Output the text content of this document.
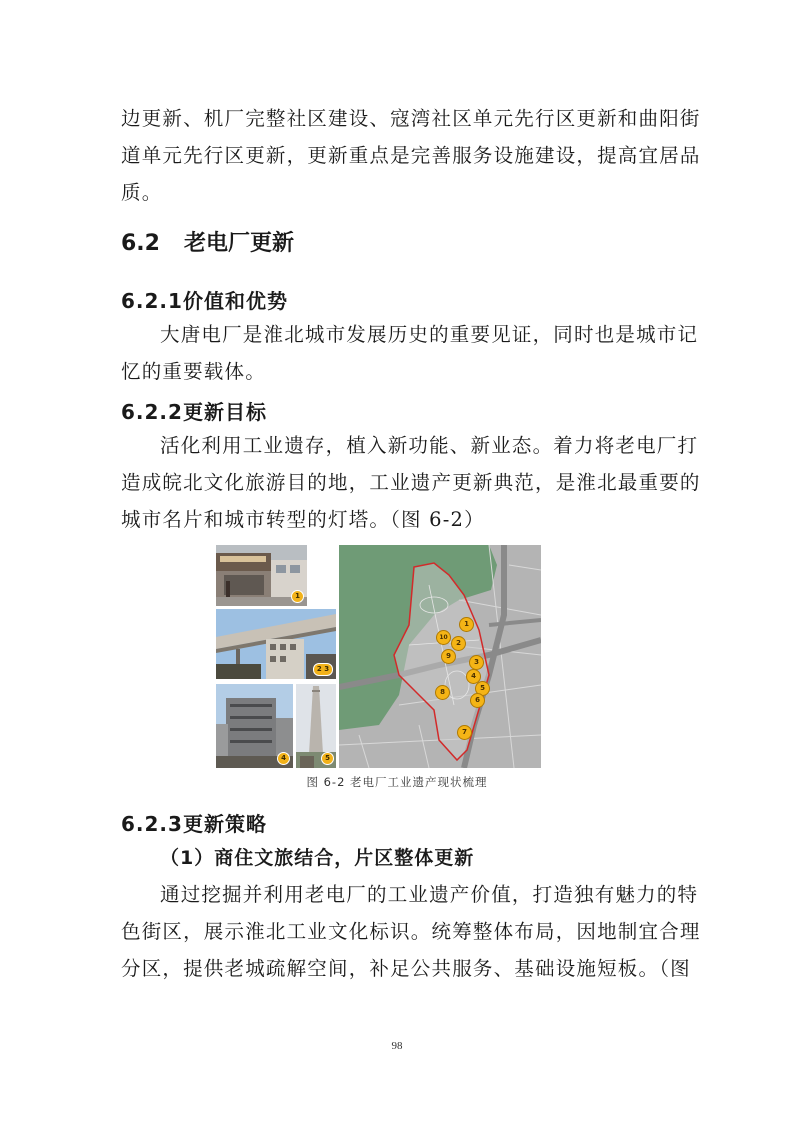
边更新、机厂完整社区建设、寇湾社区单元先行区更新和曲阳街
道单元先行区更新，更新重点是完善服务设施建设，提高宜居品
质。

6.2 老电厂更新
6.2.1价值和优势

大唐电厂是淮北城市发展历史的重要见证，同时也是城市记
忆的重要载体。

6.2.2更新目标

活化利用工业遗存，植入新功能、新业态。着力将老电厂打
造成皖北文化旅游目的地，工业遗产更新典范，是淮北最重要的
城市名片和城市转型的灯塔。（图 6-2）

1
2 3
4	5
1
2
3
4
5
6
7
8
9
10
图 6-2 老电厂工业遗产现状梳理
6.2.3更新策略
（1）商住文旅结合，片区整体更新

通过挖掘并利用老电厂的工业遗产价值，打造独有魅力的特
色街区，展示淮北工业文化标识。统筹整体布局，因地制宜合理
分区，提供老城疏解空间，补足公共服务、基础设施短板。（图

98
